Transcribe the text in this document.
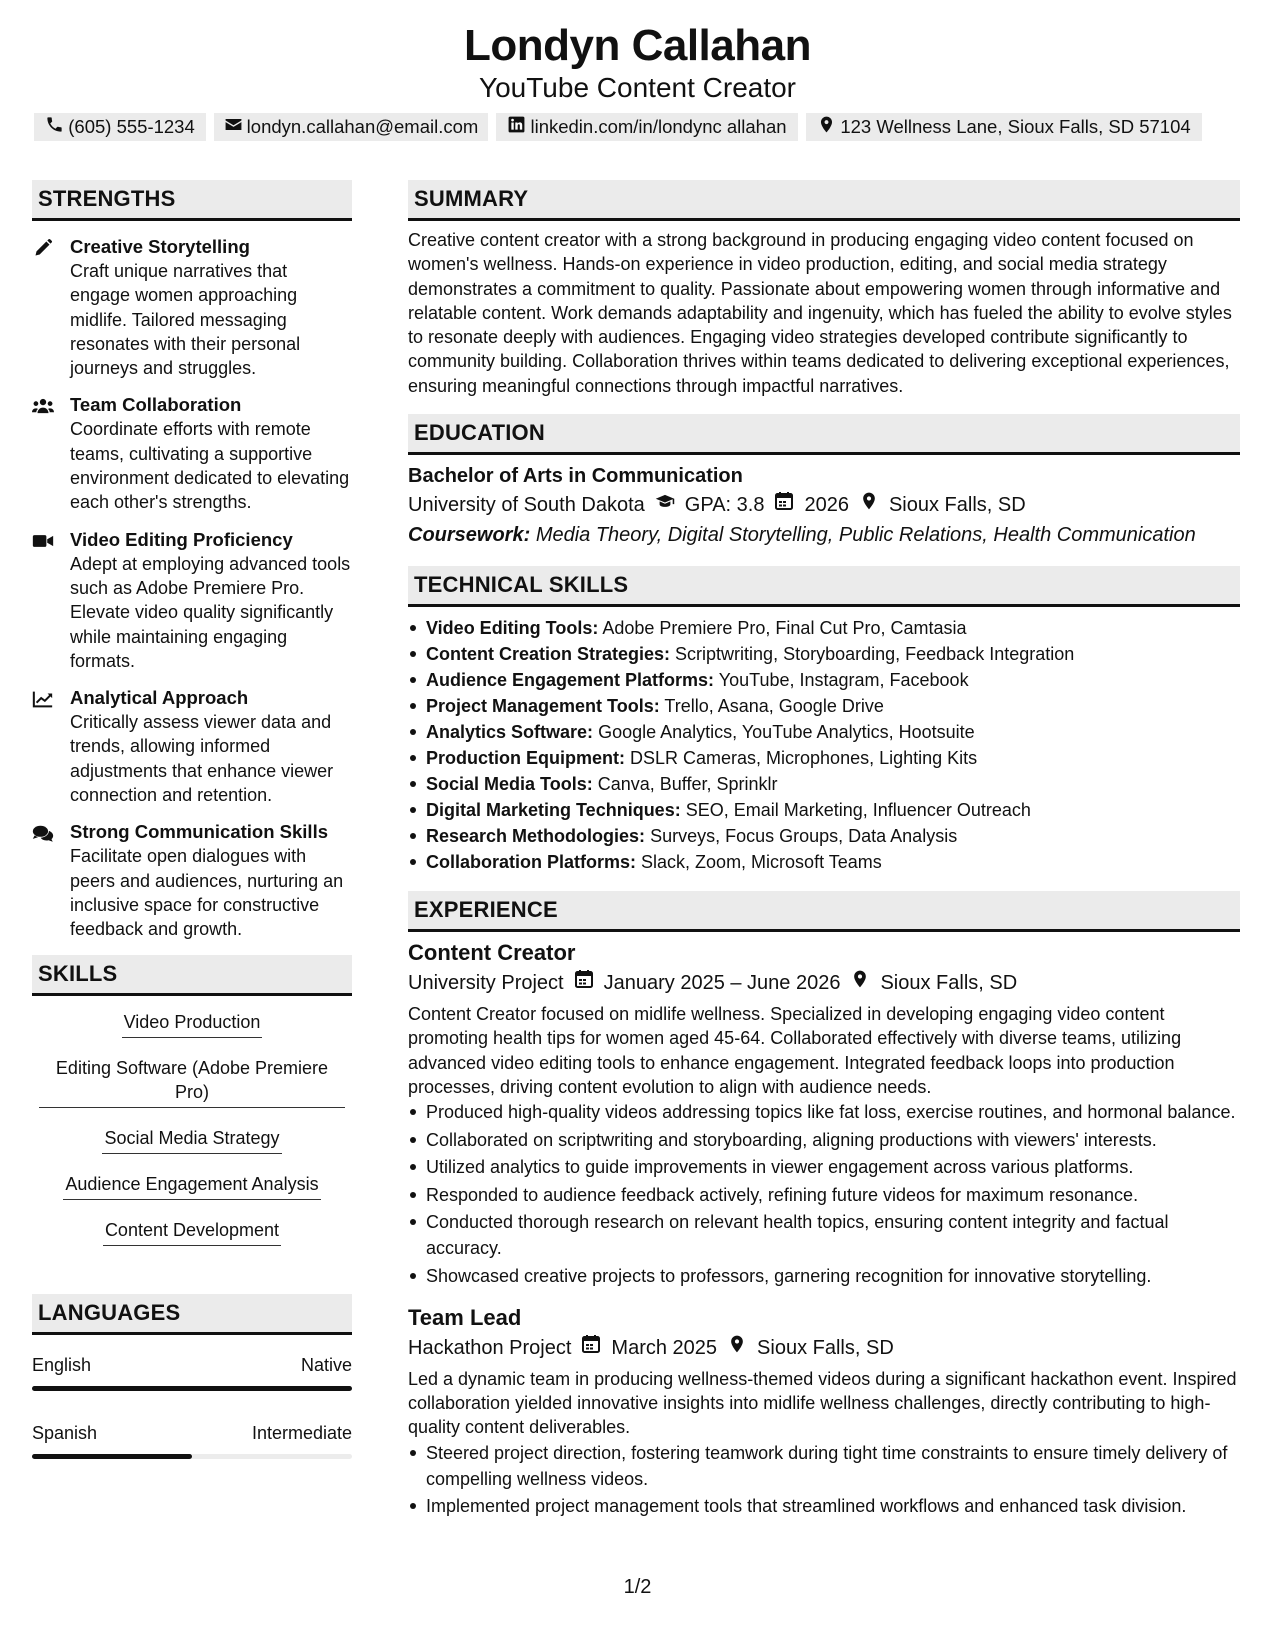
Londyn Callahan
YouTube Content Creator
(605) 555-1234	londyn.callahan@email.com	linkedin.com/in/londync allahan	123 Wellness Lane, Sioux Falls, SD 57104
STRENGTHS
Creative Storytelling
Craft unique narratives that engage women approaching midlife. Tailored messaging resonates with their personal journeys and struggles.
Team Collaboration
Coordinate efforts with remote teams, cultivating a supportive environment dedicated to elevating each other's strengths.
Video Editing Proficiency
Adept at employing advanced tools such as Adobe Premiere Pro. Elevate video quality significantly while maintaining engaging formats.
Analytical Approach
Critically assess viewer data and trends, allowing informed adjustments that enhance viewer connection and retention.
Strong Communication Skills
Facilitate open dialogues with peers and audiences, nurturing an inclusive space for constructive feedback and growth.
SKILLS
Video Production
Editing Software (Adobe Premiere Pro)
Social Media Strategy
Audience Engagement Analysis
Content Development
LANGUAGES
English	Native
Spanish	Intermediate
SUMMARY
Creative content creator with a strong background in producing engaging video content focused on women's wellness. Hands-on experience in video production, editing, and social media strategy demonstrates a commitment to quality. Passionate about empowering women through informative and relatable content. Work demands adaptability and ingenuity, which has fueled the ability to evolve styles to resonate deeply with audiences. Engaging video strategies developed contribute significantly to community building. Collaboration thrives within teams dedicated to delivering exceptional experiences, ensuring meaningful connections through impactful narratives.
EDUCATION
Bachelor of Arts in Communication
University of South Dakota GPA: 3.8 2026 Sioux Falls, SD
Coursework: Media Theory, Digital Storytelling, Public Relations, Health Communication
TECHNICAL SKILLS
Video Editing Tools: Adobe Premiere Pro, Final Cut Pro, Camtasia
Content Creation Strategies: Scriptwriting, Storyboarding, Feedback Integration
Audience Engagement Platforms: YouTube, Instagram, Facebook
Project Management Tools: Trello, Asana, Google Drive
Analytics Software: Google Analytics, YouTube Analytics, Hootsuite
Production Equipment: DSLR Cameras, Microphones, Lighting Kits
Social Media Tools: Canva, Buffer, Sprinklr
Digital Marketing Techniques: SEO, Email Marketing, Influencer Outreach
Research Methodologies: Surveys, Focus Groups, Data Analysis
Collaboration Platforms: Slack, Zoom, Microsoft Teams
EXPERIENCE
Content Creator
University Project January 2025 – June 2026 Sioux Falls, SD
Content Creator focused on midlife wellness. Specialized in developing engaging video content promoting health tips for women aged 45-64. Collaborated effectively with diverse teams, utilizing advanced video editing tools to enhance engagement. Integrated feedback loops into production processes, driving content evolution to align with audience needs.
Produced high-quality videos addressing topics like fat loss, exercise routines, and hormonal balance.
Collaborated on scriptwriting and storyboarding, aligning productions with viewers' interests.
Utilized analytics to guide improvements in viewer engagement across various platforms.
Responded to audience feedback actively, refining future videos for maximum resonance.
Conducted thorough research on relevant health topics, ensuring content integrity and factual accuracy.
Showcased creative projects to professors, garnering recognition for innovative storytelling.
Team Lead
Hackathon Project March 2025 Sioux Falls, SD
Led a dynamic team in producing wellness-themed videos during a significant hackathon event. Inspired collaboration yielded innovative insights into midlife wellness challenges, directly contributing to high-quality content deliverables.
Steered project direction, fostering teamwork during tight time constraints to ensure timely delivery of compelling wellness videos.
Implemented project management tools that streamlined workflows and enhanced task division.
1/2
